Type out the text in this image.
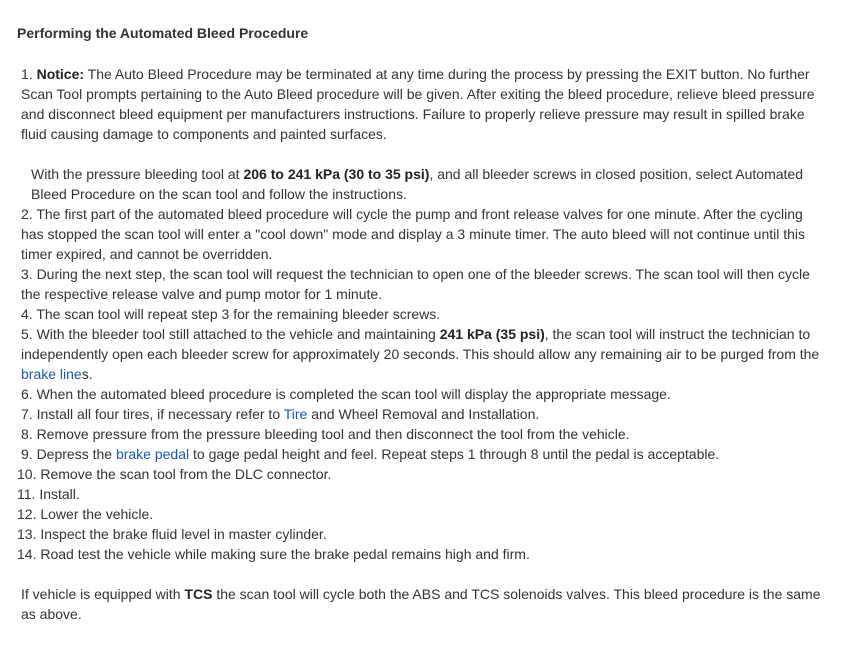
Performing the Automated Bleed Procedure

1. Notice: The Auto Bleed Procedure may be terminated at any time during the process by pressing the EXIT button. No further Scan Tool prompts pertaining to the Auto Bleed procedure will be given. After exiting the bleed procedure, relieve bleed pressure and disconnect bleed equipment per manufacturers instructions. Failure to properly relieve pressure may result in spilled brake fluid causing damage to components and painted surfaces.

With the pressure bleeding tool at 206 to 241 kPa (30 to 35 psi), and all bleeder screws in closed position, select Automated Bleed Procedure on the scan tool and follow the instructions.

2. The first part of the automated bleed procedure will cycle the pump and front release valves for one minute. After the cycling has stopped the scan tool will enter a "cool down" mode and display a 3 minute timer. The auto bleed will not continue until this timer expired, and cannot be overridden.

3. During the next step, the scan tool will request the technician to open one of the bleeder screws. The scan tool will then cycle the respective release valve and pump motor for 1 minute.

4. The scan tool will repeat step 3 for the remaining bleeder screws.

5. With the bleeder tool still attached to the vehicle and maintaining 241 kPa (35 psi), the scan tool will instruct the technician to independently open each bleeder screw for approximately 20 seconds. This should allow any remaining air to be purged from the brake lines.

6. When the automated bleed procedure is completed the scan tool will display the appropriate message.

7. Install all four tires, if necessary refer to Tire and Wheel Removal and Installation.

8. Remove pressure from the pressure bleeding tool and then disconnect the tool from the vehicle.

9. Depress the brake pedal to gage pedal height and feel. Repeat steps 1 through 8 until the pedal is acceptable.

10. Remove the scan tool from the DLC connector.

11. Install.

12. Lower the vehicle.

13. Inspect the brake fluid level in master cylinder.

14. Road test the vehicle while making sure the brake pedal remains high and firm.

If vehicle is equipped with TCS the scan tool will cycle both the ABS and TCS solenoids valves. This bleed procedure is the same as above.
